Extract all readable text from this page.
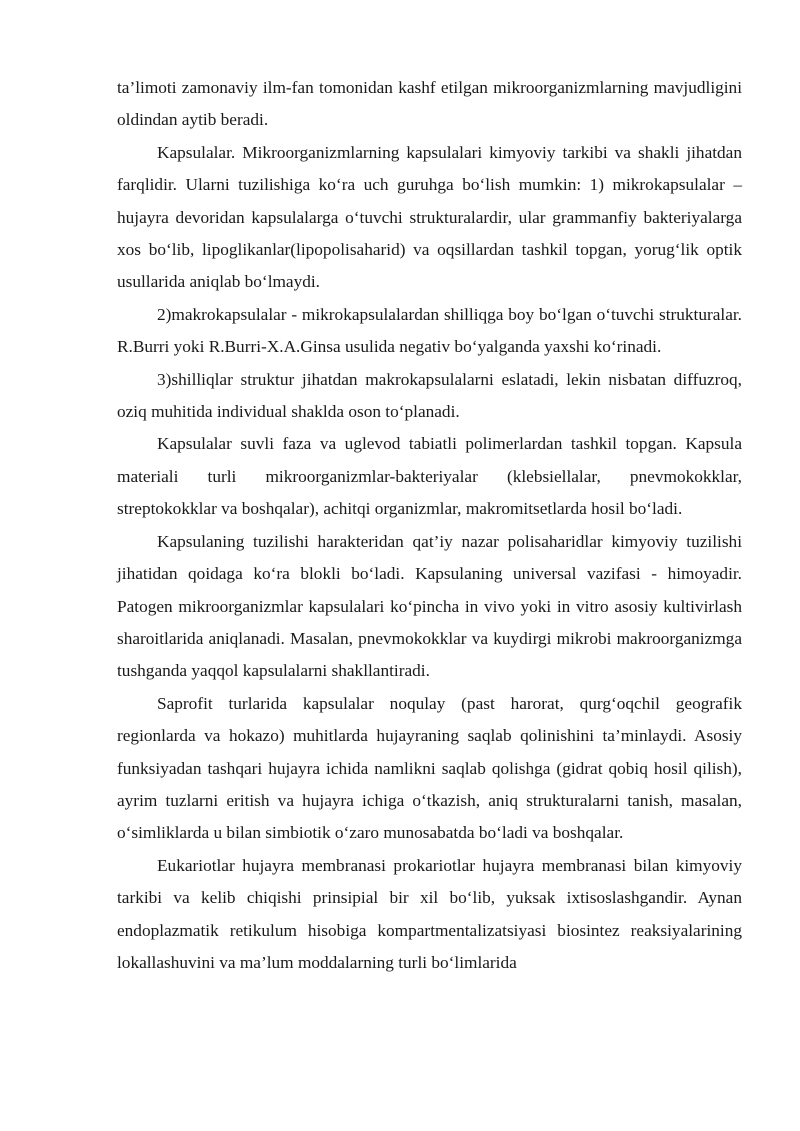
ta’limoti zamonaviy ilm-fan tomonidan kashf etilgan mikroorganizmlarning mavjudligini oldindan aytib beradi.

Kapsulalar. Mikroorganizmlarning kapsulalari kimyoviy tarkibi va shakli jihatdan farqlidir. Ularni tuzilishiga ko‘ra uch guruhga bo‘lish mumkin: 1) mikrokapsulalar – hujayra devoridan kapsulalarga o‘tuvchi strukturalardir, ular grammanfiy bakteriyalarga xos bo‘lib, lipoglikanlar(lipopolisaharid) va oqsillardan tashkil topgan, yorug‘lik optik usullarida aniqlab bo‘lmaydi.

2)makrokapsulalar - mikrokapsulalardan shilliqga boy bo‘lgan o‘tuvchi strukturalar. R.Burri yoki R.Burri-X.A.Ginsa usulida negativ bo‘yalganda yaxshi ko‘rinadi.

3)shilliqlar struktur jihatdan makrokapsulalarni eslatadi, lekin nisbatan diffuzroq, oziq muhitida individual shaklda oson to‘planadi.

Kapsulalar suvli faza va uglevod tabiatli polimerlardan tashkil topgan. Kapsula materiali turli mikroorganizmlar-bakteriyalar (klebsiellalar, pnevmokokklar, streptokokklar va boshqalar), achitqi organizmlar, makromitsetlarda hosil bo‘ladi.

Kapsulaning tuzilishi harakteridan qat’iy nazar polisaharidlar kimyoviy tuzilishi jihatidan qoidaga ko‘ra blokli bo‘ladi. Kapsulaning universal vazifasi - himoyadir. Patogen mikroorganizmlar kapsulalari ko‘pincha in vivo yoki in vitro asosiy kultivirlash sharoitlarida aniqlanadi. Masalan, pnevmokokklar va kuydirgi mikrobi makroorganizmga tushganda yaqqol kapsulalarni shakllantiradi.

Saprofit turlarida kapsulalar noqulay (past harorat, qurg‘oqchil geografik regionlarda va hokazo) muhitlarda hujayraning saqlab qolinishini ta’minlaydi. Asosiy funksiyadan tashqari hujayra ichida namlikni saqlab qolishga (gidrat qobiq hosil qilish), ayrim tuzlarni eritish va hujayra ichiga o‘tkazish, aniq strukturalarni tanish, masalan, o‘simliklarda u bilan simbiotik o‘zaro munosabatda bo‘ladi va boshqalar.

Eukariotlar hujayra membranasi prokariotlar hujayra membranasi bilan kimyoviy tarkibi va kelib chiqishi prinsipial bir xil bo‘lib, yuksak ixtisoslashgandir. Aynan endoplazmatik retikulum hisobiga kompartmentalizatsiyasi biosintez reaksiyalarining lokallashuvini va ma’lum moddalarning turli bo‘limlarida
